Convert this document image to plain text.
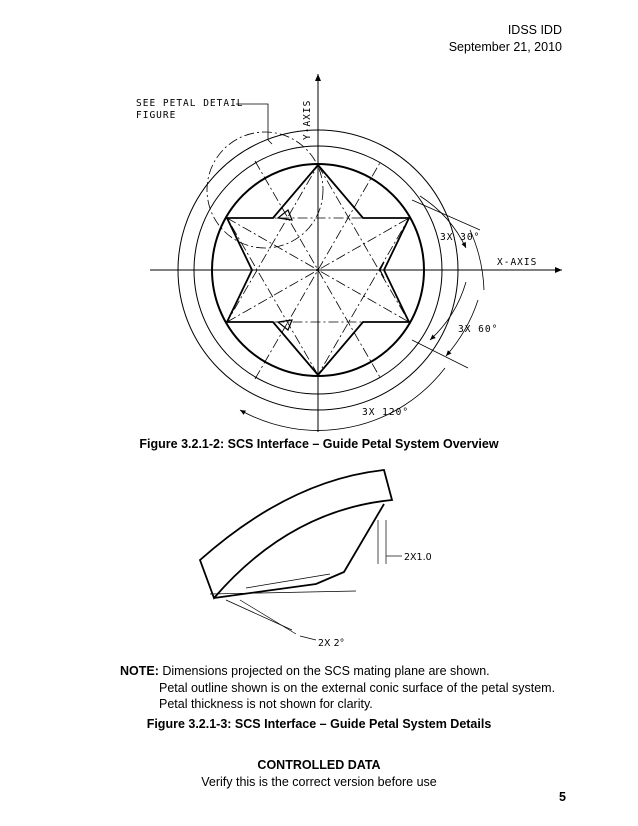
IDSS IDD
September 21, 2010
SEE PETAL DETAIL
FIGURE	Y-AXIS
X-AXIS
3X 30°
3X 60°
3X 120°
Figure 3.2.1-2: SCS Interface – Guide Petal System Overview
2X1.0
2X 2°
NOTE: Dimensions projected on the SCS mating plane are shown.
Petal outline shown is on the external conic surface of the petal system.
Petal thickness is not shown for clarity.
Figure 3.2.1-3: SCS Interface – Guide Petal System Details
CONTROLLED DATA
Verify this is the correct version before use
5
